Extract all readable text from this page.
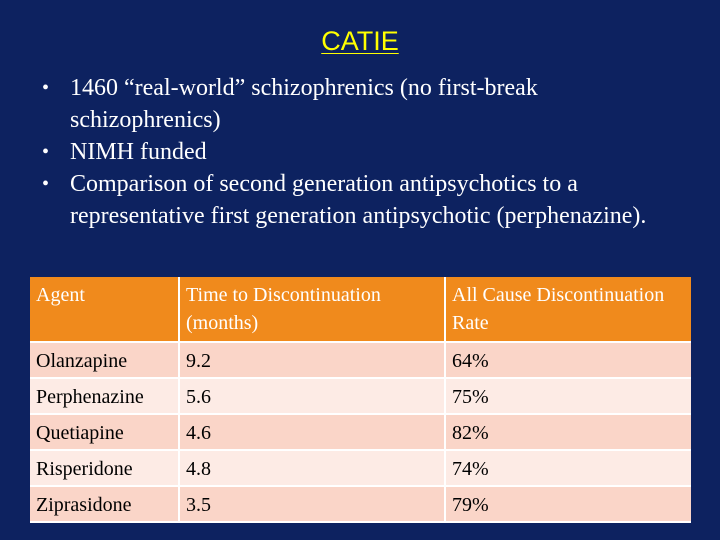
CATIE
• 1460 “real-world” schizophrenics (no first-break schizophrenics)
• NIMH funded
• Comparison of second generation antipsychotics to a representative first generation antipsychotic (perphenazine).
Agent	Time to Discontinuation (months)	All Cause Discontinuation Rate
Olanzapine	9.2	64%
Perphenazine	5.6	75%
Quetiapine	4.6	82%
Risperidone	4.8	74%
Ziprasidone	3.5	79%
